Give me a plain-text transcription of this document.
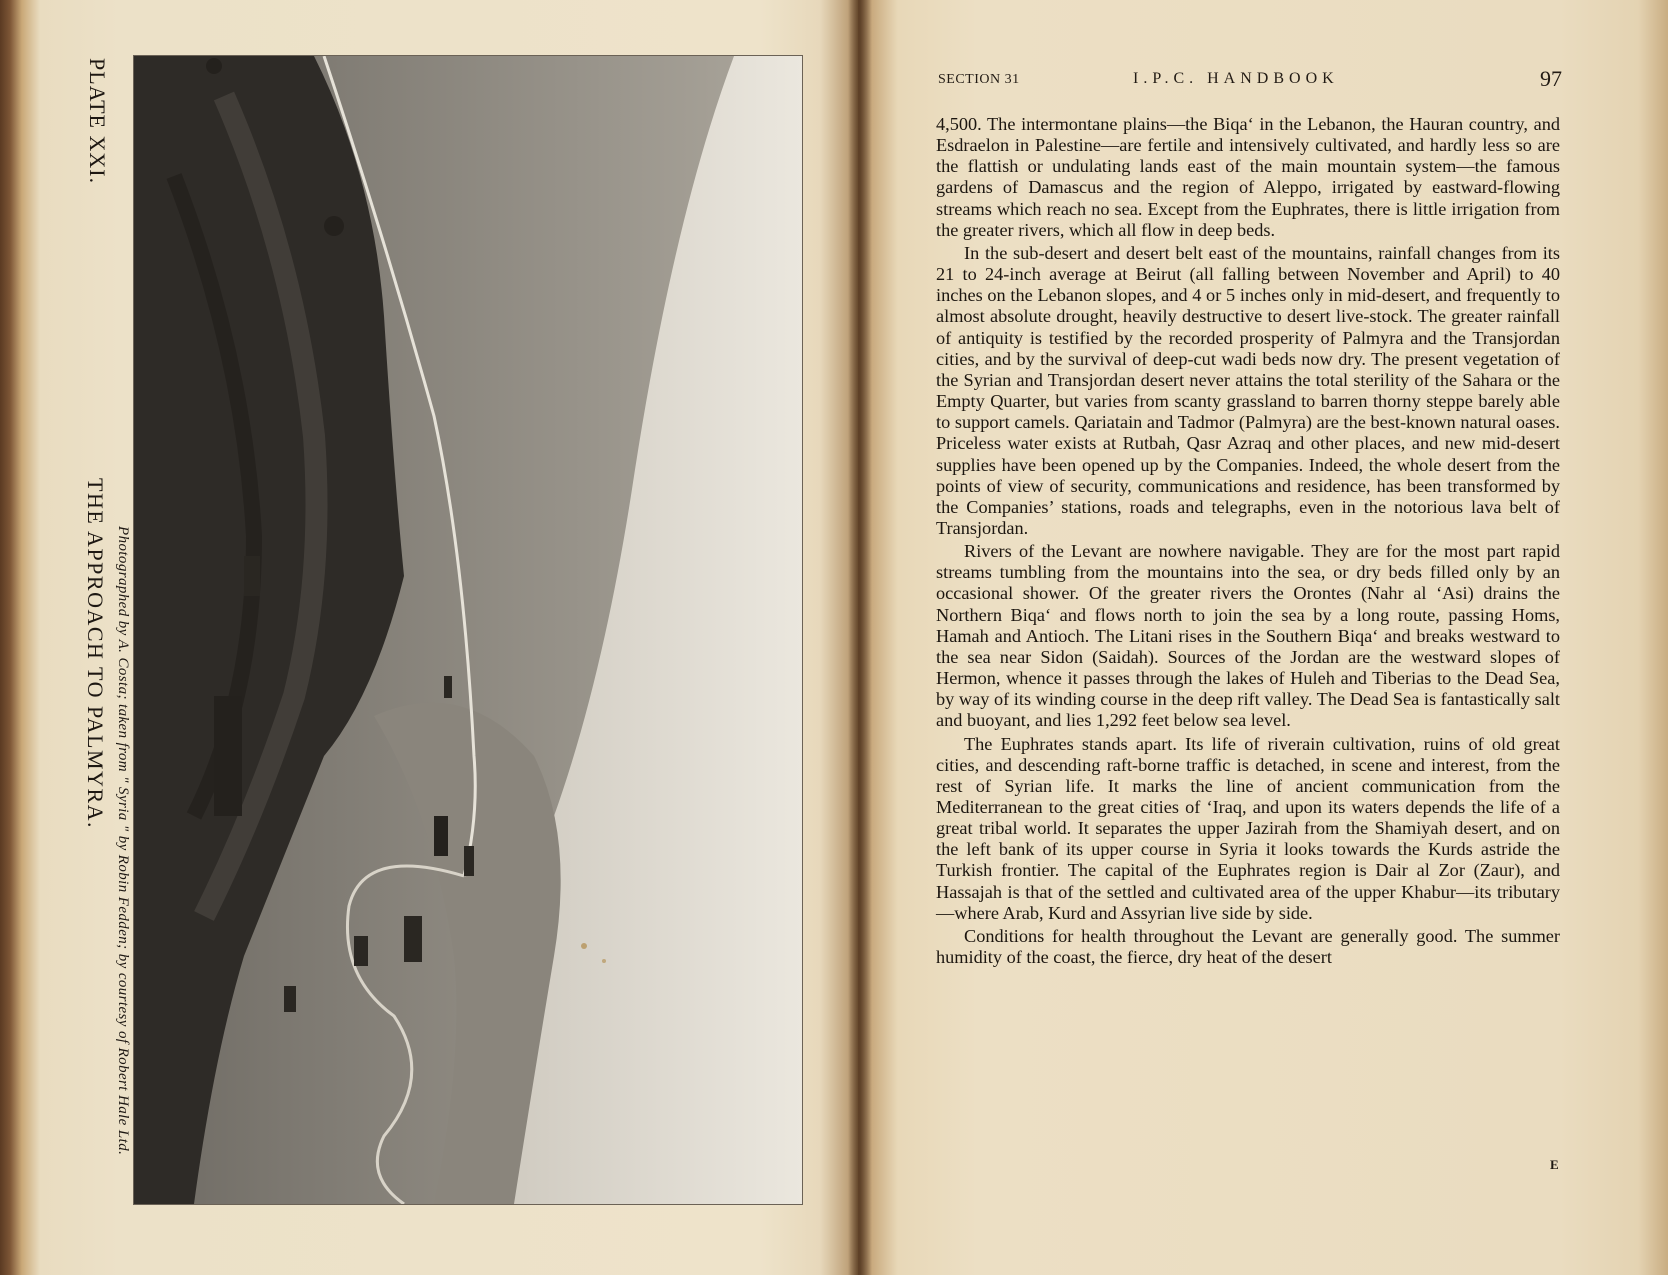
PLATE XXI.
THE APPROACH TO PALMYRA. Photographed by A. Costa; taken from " Syria " by Robin Fedden; by courtesy of Robert Hale Ltd.
SECTION 31	I.P.C. HANDBOOK	97

4,500. The intermontane plains—the Biqa‘ in the Lebanon, the Hauran country, and Esdraelon in Palestine—are fertile and intensively cultivated, and hardly less so are the flattish or undulating lands east of the main mountain system—the famous gardens of Damascus and the region of Aleppo, irrigated by eastward-flowing streams which reach no sea. Except from the Euphrates, there is little irrigation from the greater rivers, which all flow in deep beds.

In the sub-desert and desert belt east of the mountains, rainfall changes from its 21 to 24-inch average at Beirut (all falling between November and April) to 40 inches on the Lebanon slopes, and 4 or 5 inches only in mid-desert, and frequently to almost absolute drought, heavily destructive to desert live-stock. The greater rainfall of antiquity is testified by the recorded prosperity of Palmyra and the Transjordan cities, and by the survival of deep-cut wadi beds now dry. The present vegetation of the Syrian and Transjordan desert never attains the total sterility of the Sahara or the Empty Quarter, but varies from scanty grassland to barren thorny steppe barely able to support camels. Qariatain and Tadmor (Palmyra) are the best-known natural oases. Priceless water exists at Rutbah, Qasr Azraq and other places, and new mid-desert supplies have been opened up by the Companies. Indeed, the whole desert from the points of view of security, communications and residence, has been transformed by the Companies’ stations, roads and telegraphs, even in the notorious lava belt of Transjordan.

Rivers of the Levant are nowhere navigable. They are for the most part rapid streams tumbling from the mountains into the sea, or dry beds filled only by an occasional shower. Of the greater rivers the Orontes (Nahr al ‘Asi) drains the Northern Biqa‘ and flows north to join the sea by a long route, passing Homs, Hamah and Antioch. The Litani rises in the Southern Biqa‘ and breaks westward to the sea near Sidon (Saidah). Sources of the Jordan are the westward slopes of Hermon, whence it passes through the lakes of Huleh and Tiberias to the Dead Sea, by way of its winding course in the deep rift valley. The Dead Sea is fantastically salt and buoyant, and lies 1,292 feet below sea level.

The Euphrates stands apart. Its life of riverain cultivation, ruins of old great cities, and descending raft-borne traffic is detached, in scene and interest, from the rest of Syrian life. It marks the line of ancient communication from the Mediterranean to the great cities of ‘Iraq, and upon its waters depends the life of a great tribal world. It separates the upper Jazirah from the Shamiyah desert, and on the left bank of its upper course in Syria it looks towards the Kurds astride the Turkish frontier. The capital of the Euphrates region is Dair al Zor (Zaur), and Hassajah is that of the settled and cultivated area of the upper Khabur—its tributary—where Arab, Kurd and Assyrian live side by side.

Conditions for health throughout the Levant are generally good. The summer humidity of the coast, the fierce, dry heat of the desert

E
